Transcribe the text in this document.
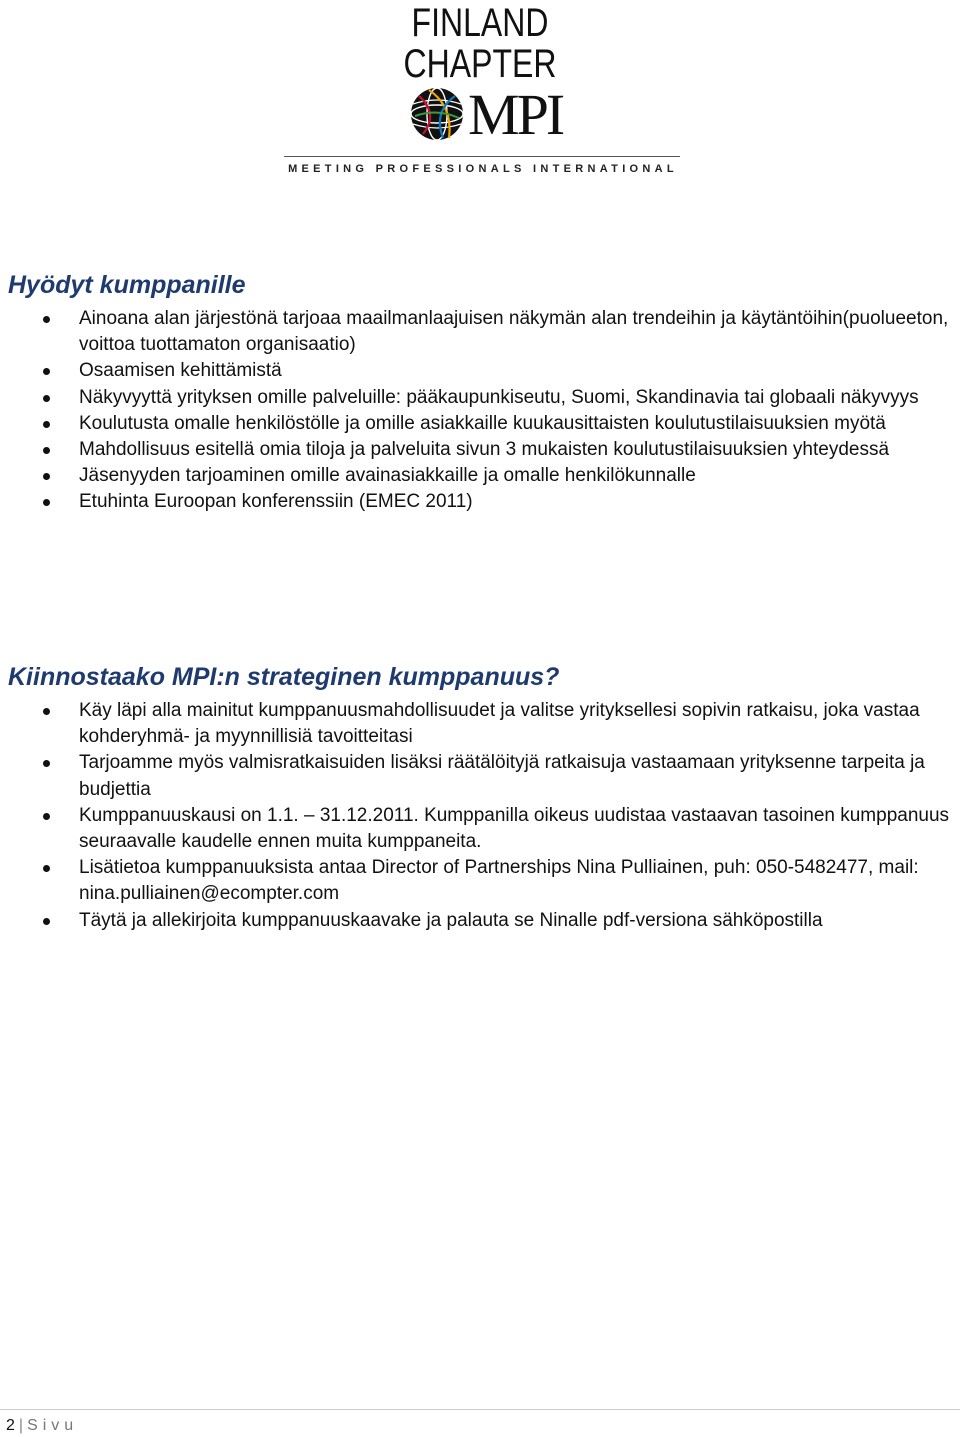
FINLAND
CHAPTER
MPI
MEETING PROFESSIONALS INTERNATIONAL
Hyödyt kumppanille
Ainoana alan järjestönä tarjoaa maailmanlaajuisen näkymän alan trendeihin ja käytäntöihin(puolueeton, voittoa tuottamaton organisaatio)
Osaamisen kehittämistä
Näkyvyyttä yrityksen omille palveluille: pääkaupunkiseutu, Suomi, Skandinavia tai globaali näkyvyys
Koulutusta omalle henkilöstölle ja omille asiakkaille kuukausittaisten koulutustilaisuuksien myötä
Mahdollisuus esitellä omia tiloja ja palveluita sivun 3 mukaisten koulutustilaisuuksien yhteydessä
Jäsenyyden tarjoaminen omille avainasiakkaille ja omalle henkilökunnalle
Etuhinta Euroopan konferenssiin (EMEC 2011)
Kiinnostaako MPI:n strateginen kumppanuus?
Käy läpi alla mainitut kumppanuusmahdollisuudet ja valitse yrityksellesi sopivin ratkaisu, joka vastaa kohderyhmä- ja myynnillisiä tavoitteitasi
Tarjoamme myös valmisratkaisuiden lisäksi räätälöityjä ratkaisuja vastaamaan yrityksenne tarpeita ja budjettia
Kumppanuuskausi on 1.1. – 31.12.2011. Kumppanilla oikeus uudistaa vastaavan tasoinen kumppanuus seuraavalle kaudelle ennen muita kumppaneita.
Lisätietoa kumppanuuksista antaa Director of Partnerships Nina Pulliainen, puh: 050-5482477, mail: nina.pulliainen@ecompter.com
Täytä ja allekirjoita kumppanuuskaavake ja palauta se Ninalle pdf-versiona sähköpostilla
2 | Sivu
